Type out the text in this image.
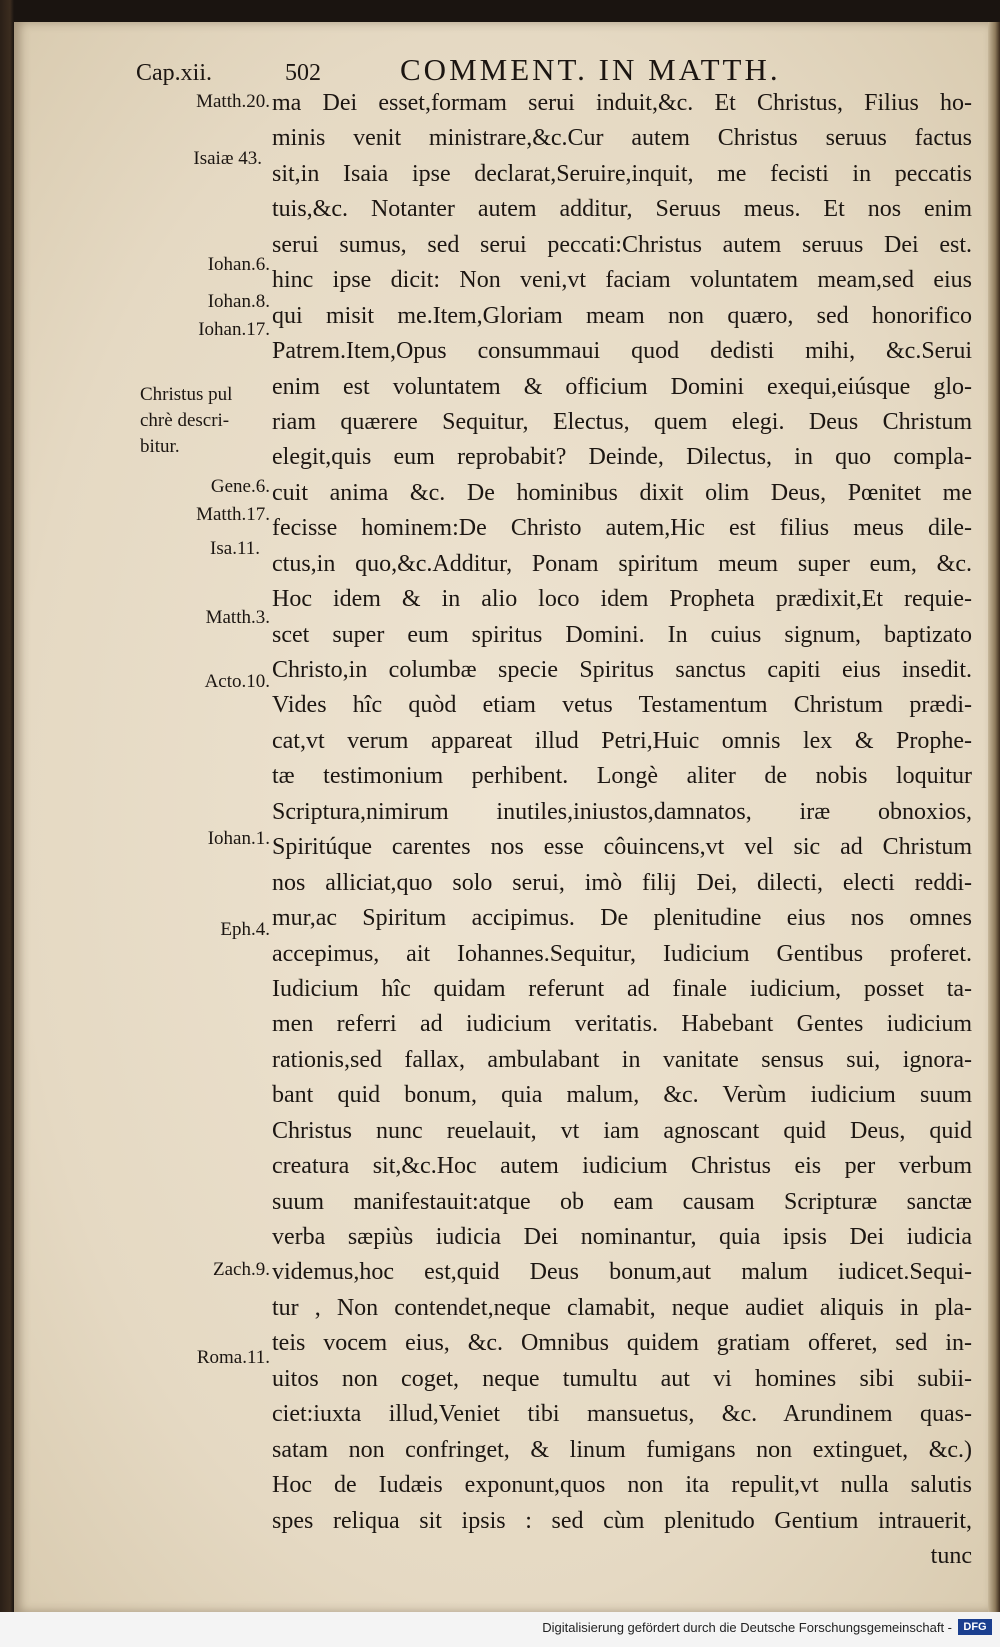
Cap.xii.	502	COMMENT. IN MATTH.
Matth.20.
Isaiæ 43.
Iohan.6.
Iohan.8.
Iohan.17.
Christus pul
chrè descri-
bitur.
Gene.6.
Matth.17.
Isa.11.
Matth.3.
Acto.10.
Iohan.1.
Eph.4.
Zach.9.
Roma.11.
ma Dei esset,formam serui induit,&c. Et Christus, Filius ho-
minis venit ministrare,&c.Cur autem Christus seruus factus
sit,in Isaia ipse declarat,Seruire,inquit, me fecisti in peccatis
tuis,&c. Notanter autem additur, Seruus meus. Et nos enim
serui sumus, sed serui peccati:Christus autem seruus Dei est.
hinc ipse dicit: Non veni,vt faciam voluntatem meam,sed eius
qui misit me.Item,Gloriam meam non quæro, sed honorifico
Patrem.Item,Opus consummaui quod dedisti mihi, &c.Serui
enim est voluntatem & officium Domini exequi,eiúsque glo-
riam quærere Sequitur, Electus, quem elegi. Deus Christum
elegit,quis eum reprobabit? Deinde, Dilectus, in quo compla-
cuit anima &c. De hominibus dixit olim Deus, Pœnitet me
fecisse hominem:De Christo autem,Hic est filius meus dile-
ctus,in quo,&c.Additur, Ponam spiritum meum super eum, &c.
Hoc idem & in alio loco idem Propheta prædixit,Et requie-
scet super eum spiritus Domini. In cuius signum, baptizato
Christo,in columbæ specie Spiritus sanctus capiti eius insedit.
Vides hîc quòd etiam vetus Testamentum Christum prædi-
cat,vt verum appareat illud Petri,Huic omnis lex & Prophe-
tæ testimonium perhibent. Longè aliter de nobis loquitur
Scriptura,nimirum inutiles,iniustos,damnatos, iræ obnoxios,
Spiritúque carentes nos esse côuincens,vt vel sic ad Christum
nos alliciat,quo solo serui, imò filij Dei, dilecti, electi reddi-
mur,ac Spiritum accipimus. De plenitudine eius nos omnes
accepimus, ait Iohannes.Sequitur, Iudicium Gentibus proferet.
Iudicium hîc quidam referunt ad finale iudicium, posset ta-
men referri ad iudicium veritatis. Habebant Gentes iudicium
rationis,sed fallax, ambulabant in vanitate sensus sui, ignora-
bant quid bonum, quia malum, &c. Verùm iudicium suum
Christus nunc reuelauit, vt iam agnoscant quid Deus, quid
creatura sit,&c.Hoc autem iudicium Christus eis per verbum
suum manifestauit:atque ob eam causam Scripturæ sanctæ
verba sæpiùs iudicia Dei nominantur, quia ipsis Dei iudicia
videmus,hoc est,quid Deus bonum,aut malum iudicet.Sequi-
tur , Non contendet,neque clamabit, neque audiet aliquis in pla-
teis vocem eius, &c. Omnibus quidem gratiam offeret, sed in-
uitos non coget, neque tumultu aut vi homines sibi subii-
ciet:iuxta illud,Veniet tibi mansuetus, &c. Arundinem quas-
satam non confringet, & linum fumigans non extinguet, &c.)
Hoc de Iudæis exponunt,quos non ita repulit,vt nulla salutis
spes reliqua sit ipsis : sed cùm plenitudo Gentium intrauerit,
tunc
Digitalisierung gefördert durch die Deutsche Forschungsgemeinschaft -	DFG
